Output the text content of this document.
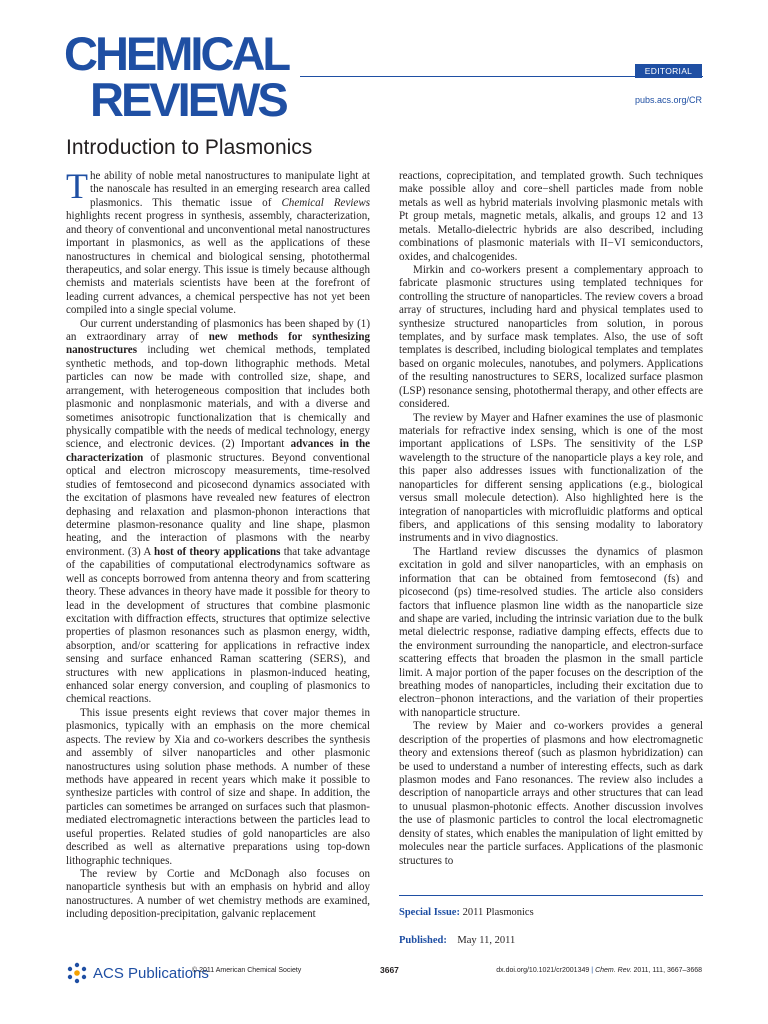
CHEMICAL
REVIEWS
EDITORIAL
pubs.acs.org/CR
Introduction to Plasmonics

The ability of noble metal nanostructures to manipulate light at the nanoscale has resulted in an emerging research area called plasmonics. This thematic issue of Chemical Reviews highlights recent progress in synthesis, assembly, characterization, and theory of conventional and unconventional metal nanostructures important in plasmonics, as well as the applications of these nanostructures in chemical and biological sensing, photothermal therapeutics, and solar energy. This issue is timely because although chemists and materials scientists have been at the forefront of leading current advances, a chemical perspective has not yet been compiled into a single special volume.

Our current understanding of plasmonics has been shaped by (1) an extraordinary array of new methods for synthesizing nanostructures including wet chemical methods, templated synthetic methods, and top-down lithographic methods. Metal particles can now be made with controlled size, shape, and arrangement, with heterogeneous composition that includes both plasmonic and nonplasmonic materials, and with a diverse and sometimes anisotropic functionalization that is chemically and physically compatible with the needs of medical technology, energy science, and electronic devices. (2) Important advances in the characterization of plasmonic structures. Beyond conventional optical and electron microscopy measurements, time-resolved studies of femtosecond and picosecond dynamics associated with the excitation of plasmons have revealed new features of electron dephasing and relaxation and plasmon-phonon interactions that determine plasmon-resonance quality and line shape, plasmon heating, and the interaction of plasmons with the nearby environment. (3) A host of theory applications that take advantage of the capabilities of computational electrodynamics software as well as concepts borrowed from antenna theory and from scattering theory. These advances in theory have made it possible for theory to lead in the development of structures that combine plasmonic excitation with diffraction effects, structures that optimize selective properties of plasmon resonances such as plasmon energy, width, absorption, and/or scattering for applications in refractive index sensing and surface enhanced Raman scattering (SERS), and structures with new applications in plasmon-induced heating, enhanced solar energy conversion, and coupling of plasmonics to chemical reactions.

This issue presents eight reviews that cover major themes in plasmonics, typically with an emphasis on the more chemical aspects. The review by Xia and co-workers describes the synthesis and assembly of silver nanoparticles and other plasmonic nanostructures using solution phase methods. A number of these methods have appeared in recent years which make it possible to synthesize particles with control of size and shape. In addition, the particles can sometimes be arranged on surfaces such that plasmon-mediated electromagnetic interactions between the particles lead to useful properties. Related studies of gold nanoparticles are also described as well as alternative preparations using top-down lithographic techniques.

The review by Cortie and McDonagh also focuses on nanoparticle synthesis but with an emphasis on hybrid and alloy nanostructures. A number of wet chemistry methods are examined, including deposition-precipitation, galvanic replacement

reactions, coprecipitation, and templated growth. Such techniques make possible alloy and core−shell particles made from noble metals as well as hybrid materials involving plasmonic metals with Pt group metals, magnetic metals, alkalis, and groups 12 and 13 metals. Metallo-dielectric hybrids are also described, including combinations of plasmonic materials with II−VI semiconductors, oxides, and chalcogenides.

Mirkin and co-workers present a complementary approach to fabricate plasmonic structures using templated techniques for controlling the structure of nanoparticles. The review covers a broad array of structures, including hard and physical templates used to synthesize structured nanoparticles from solution, in porous templates, and by surface mask templates. Also, the use of soft templates is described, including biological templates and templates based on organic molecules, nanotubes, and polymers. Applications of the resulting nanostructures to SERS, localized surface plasmon (LSP) resonance sensing, photothermal therapy, and other effects are considered.

The review by Mayer and Hafner examines the use of plasmonic materials for refractive index sensing, which is one of the most important applications of LSPs. The sensitivity of the LSP wavelength to the structure of the nanoparticle plays a key role, and this paper also addresses issues with functionalization of the nanoparticles for different sensing applications (e.g., biological versus small molecule detection). Also highlighted here is the integration of nanoparticles with microfluidic platforms and optical fibers, and applications of this sensing modality to laboratory instruments and in vivo diagnostics.

The Hartland review discusses the dynamics of plasmon excitation in gold and silver nanoparticles, with an emphasis on information that can be obtained from femtosecond (fs) and picosecond (ps) time-resolved studies. The article also considers factors that influence plasmon line width as the nanoparticle size and shape are varied, including the intrinsic variation due to the bulk metal dielectric response, radiative damping effects, effects due to the environment surrounding the nanoparticle, and electron-surface scattering effects that broaden the plasmon in the small particle limit. A major portion of the paper focuses on the description of the breathing modes of nanoparticles, including their excitation due to electron−phonon interactions, and the variation of their properties with nanoparticle structure.

The review by Maier and co-workers provides a general description of the properties of plasmons and how electromagnetic theory and extensions thereof (such as plasmon hybridization) can be used to understand a number of interesting effects, such as dark plasmon modes and Fano resonances. The review also includes a description of nanoparticle arrays and other structures that can lead to unusual plasmon-photonic effects. Another discussion involves the use of plasmonic particles to control the local electromagnetic density of states, which enables the manipulation of light emitted by molecules near the particle surfaces. Applications of the plasmonic structures to

Special Issue: 2011 Plasmonics
Published: May 11, 2011
ACS Publications
© 2011 American Chemical Society	3667	dx.doi.org/10.1021/cr2001349 | Chem. Rev. 2011, 111, 3667–3668
